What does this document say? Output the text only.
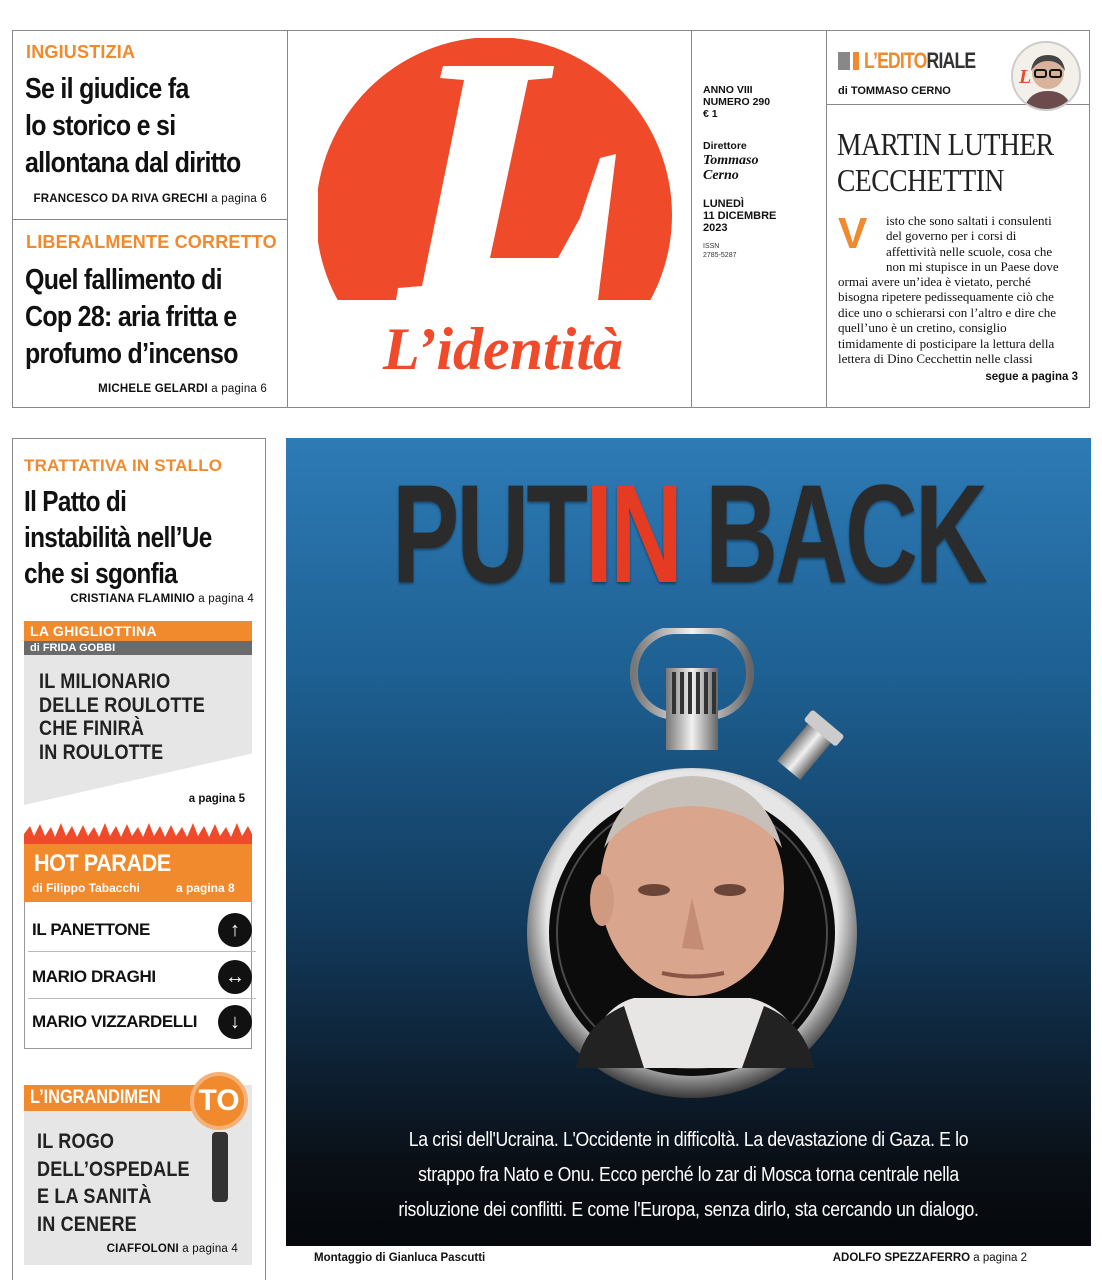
INGIUSTIZIA
Se il giudice fa
lo storico e si
allontana dal diritto
FRANCESCO DA RIVA GRECHI a pagina 6
LIBERALMENTE CORRETTO
Quel fallimento di
Cop 28: aria fritta e
profumo d’incenso
MICHELE GELARDI a pagina 6
L’identità
ANNO VIII
NUMERO 290
€ 1
Direttore
Tommaso
Cerno
LUNEDÌ
11 DICEMBRE
2023
ISSN
2785-5287
L’EDITORIALE
di TOMMASO CERNO
L
MARTIN LUTHER
CECCHETTIN
V isto che sono saltati i consulenti
del governo per i corsi di
affettività nelle scuole, cosa che
non mi stupisce in un Paese dove
ormai avere un’idea è vietato, perché
bisogna ripetere pedissequamente ciò che
dice uno o schierarsi con l’altro e dire che
quell’uno è un cretino, consiglio
timidamente di posticipare la lettura della
lettera di Dino Cecchettin nelle classi
segue a pagina 3
TRATTATIVA IN STALLO
Il Patto di
instabilità nell’Ue
che si sgonfia
CRISTIANA FLAMINIO a pagina 4
LA GHIGLIOTTINA
di FRIDA GOBBI
IL MILIONARIO
DELLE ROULOTTE
CHE FINIRÀ
IN ROULOTTE
a pagina 5
HOT PARADE
di Filippo Tabacchi	a pagina 8
IL PANETTONE	↑
MARIO DRAGHI	↔
MARIO VIZZARDELLI	↓
L’INGRANDIMEN TO
IL ROGO
DELL’OSPEDALE
E LA SANITÀ
IN CENERE
CIAFFOLONI a pagina 4
PUTIN BACK
La crisi dell'Ucraina. L'Occidente in difficoltà. La devastazione di Gaza. E lo
strappo fra Nato e Onu. Ecco perché lo zar di Mosca torna centrale nella
risoluzione dei conflitti. E come l'Europa, senza dirlo, sta cercando un dialogo.
Montaggio di Gianluca Pascutti	ADOLFO SPEZZAFERRO a pagina 2
